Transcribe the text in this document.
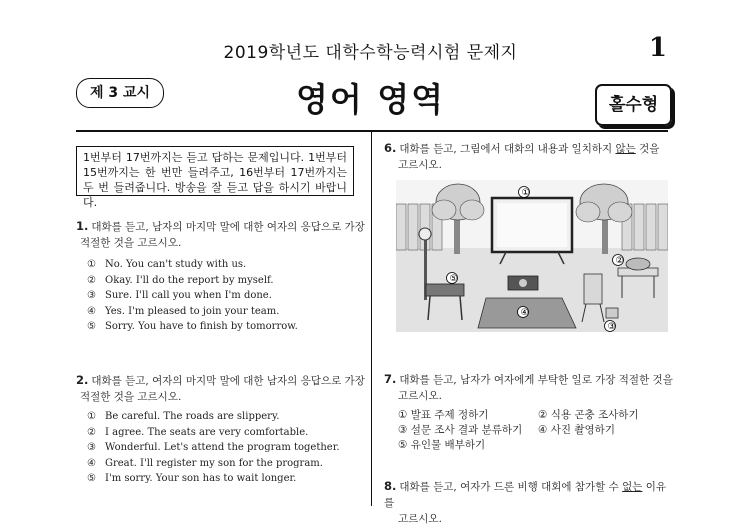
2019학년도 대학수학능력시험 문제지	1
제 3 교시	영어 영역	홀수형
1번부터 17번까지는 듣고 답하는 문제입니다. 1번부터 15번까지는 한 번만 들려주고, 16번부터 17번까지는 두 번 들려줍니다. 방송을 잘 듣고 답을 하시기 바랍니다.
1. 대화를 듣고, 남자의 마지막 말에 대한 여자의 응답으로 가장
적절한 것을 고르시오.
① No. You can't study with us.
② Okay. I'll do the report by myself.
③ Sure. I'll call you when I'm done.
④ Yes. I'm pleased to join your team.
⑤ Sorry. You have to finish by tomorrow.
2. 대화를 듣고, 여자의 마지막 말에 대한 남자의 응답으로 가장
적절한 것을 고르시오.
① Be careful. The roads are slippery.
② I agree. The seats are very comfortable.
③ Wonderful. Let's attend the program together.
④ Great. I'll register my son for the program.
⑤ I'm sorry. Your son has to wait longer.
6. 대화를 듣고, 그림에서 대화의 내용과 일치하지 않는 것을
고르시오.
①
②
③
④
⑤
7. 대화를 듣고, 남자가 여자에게 부탁한 일로 가장 적절한 것을
고르시오.
① 발표 주제 정하기	② 식용 곤충 조사하기
③ 설문 조사 결과 분류하기	④ 사진 촬영하기
⑤ 유인물 배부하기
8. 대화를 듣고, 여자가 드론 비행 대회에 참가할 수 없는 이유를
고르시오.
